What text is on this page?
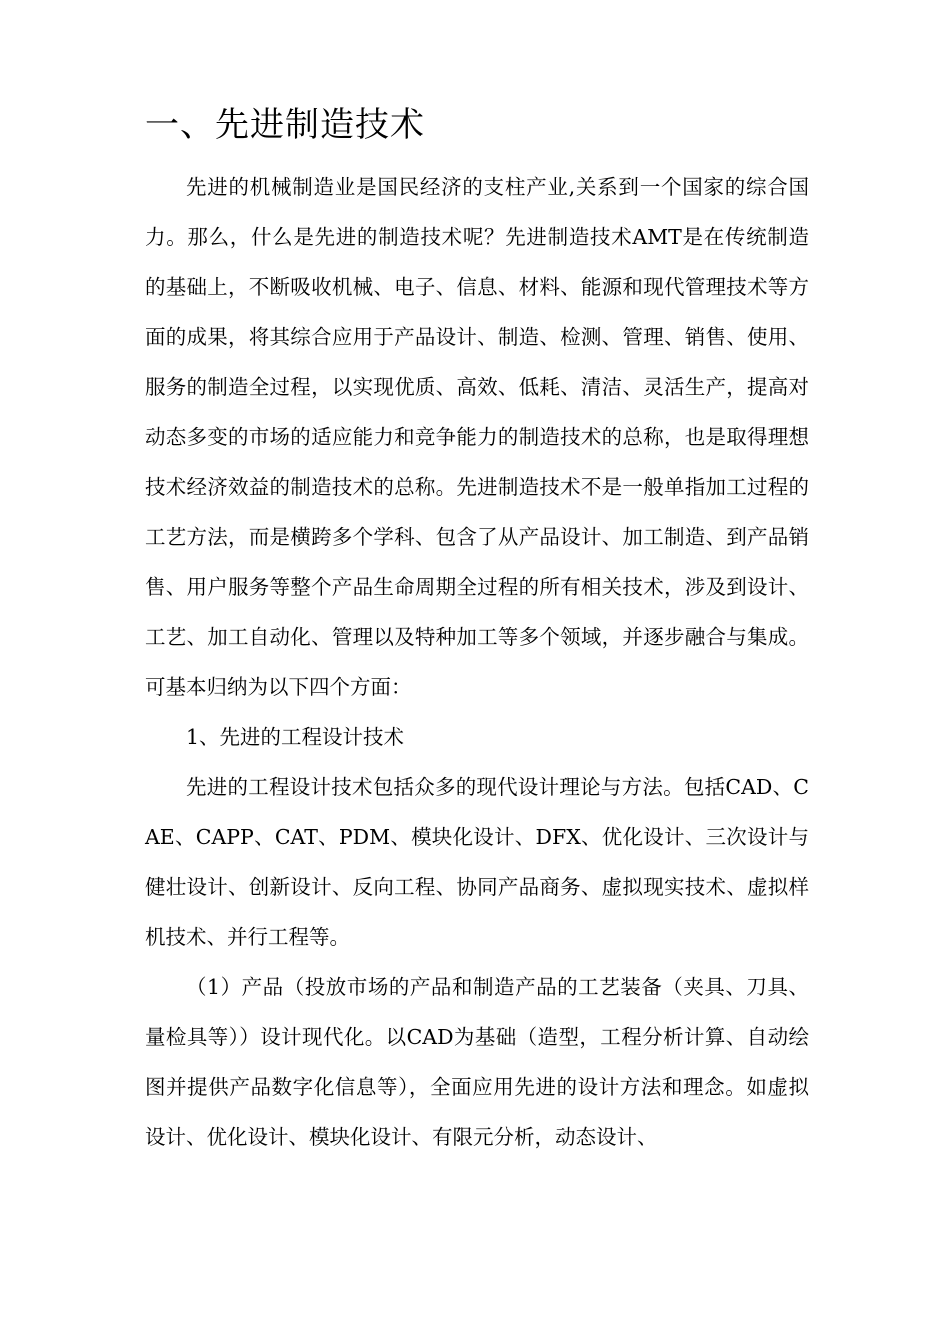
一、先进制造技术

先进的机械制造业是国民经济的支柱产业,关系到一个国家的综合国力。那么，什么是先进的制造技术呢？先进制造技术AMT是在传统制造的基础上，不断吸收机械、电子、信息、材料、能源和现代管理技术等方面的成果，将其综合应用于产品设计、制造、检测、管理、销售、使用、服务的制造全过程，以实现优质、高效、低耗、清洁、灵活生产，提高对动态多变的市场的适应能力和竞争能力的制造技术的总称，也是取得理想技术经济效益的制造技术的总称。先进制造技术不是一般单指加工过程的工艺方法，而是横跨多个学科、包含了从产品设计、加工制造、到产品销售、用户服务等整个产品生命周期全过程的所有相关技术，涉及到设计、工艺、加工自动化、管理以及特种加工等多个领域，并逐步融合与集成。可基本归纳为以下四个方面：

1、先进的工程设计技术

先进的工程设计技术包括众多的现代设计理论与方法。包括CAD、CAE、CAPP、CAT、PDM、模块化设计、DFX、优化设计、三次设计与健壮设计、创新设计、反向工程、协同产品商务、虚拟现实技术、虚拟样机技术、并行工程等。

（1）产品（投放市场的产品和制造产品的工艺装备（夹具、刀具、量检具等））设计现代化。以CAD为基础（造型，工程分析计算、自动绘图并提供产品数字化信息等），全面应用先进的设计方法和理念。如虚拟设计、优化设计、模块化设计、有限元分析，动态设计、
